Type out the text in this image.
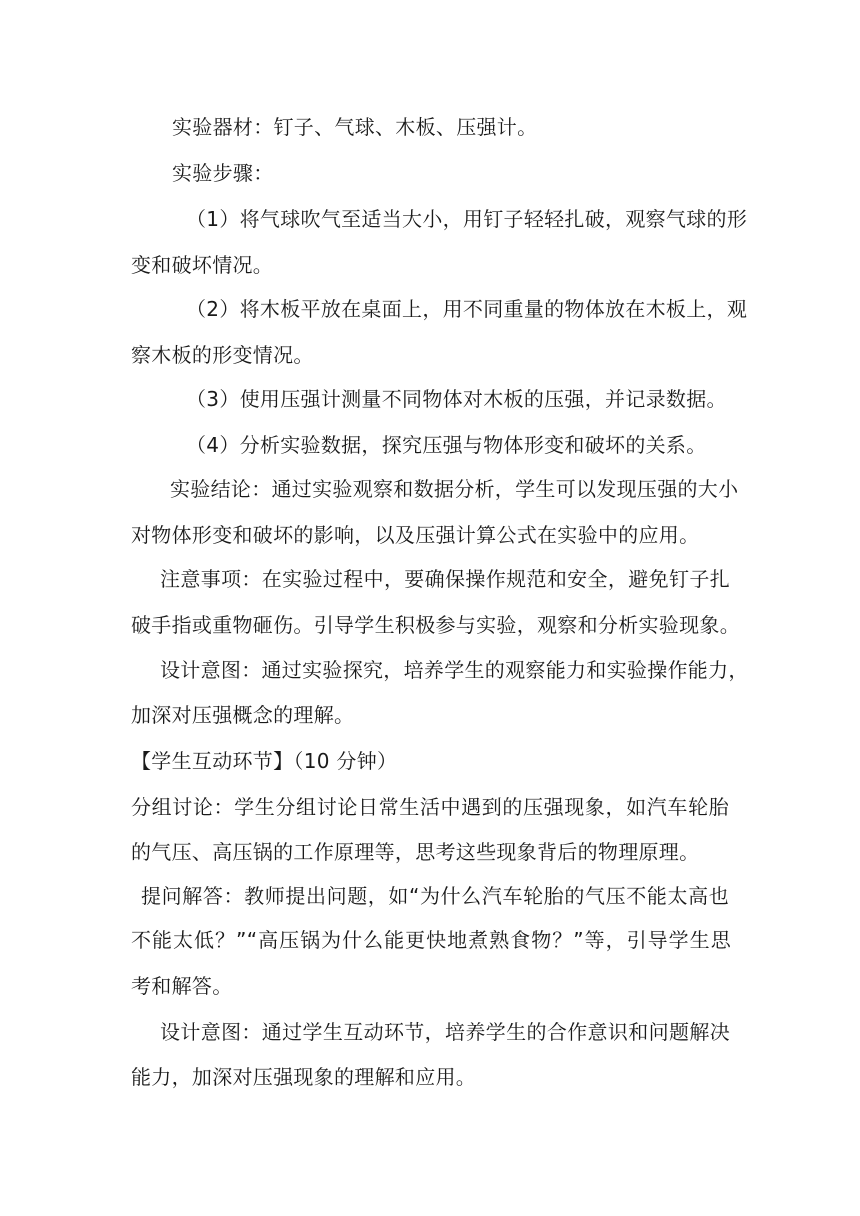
实验器材：钉子、气球、木板、压强计。
实验步骤：
（1）将气球吹气至适当大小，用钉子轻轻扎破，观察气球的形
变和破坏情况。
（2）将木板平放在桌面上，用不同重量的物体放在木板上，观
察木板的形变情况。
（3）使用压强计测量不同物体对木板的压强，并记录数据。
（4）分析实验数据，探究压强与物体形变和破坏的关系。
实验结论：通过实验观察和数据分析，学生可以发现压强的大小
对物体形变和破坏的影响，以及压强计算公式在实验中的应用。
注意事项：在实验过程中，要确保操作规范和安全，避免钉子扎
破手指或重物砸伤。引导学生积极参与实验，观察和分析实验现象。
设计意图：通过实验探究，培养学生的观察能力和实验操作能力，
加深对压强概念的理解。
【学生互动环节】（10 分钟）
分组讨论：学生分组讨论日常生活中遇到的压强现象，如汽车轮胎
的气压、高压锅的工作原理等，思考这些现象背后的物理原理。
提问解答：教师提出问题，如“为什么汽车轮胎的气压不能太高也
不能太低？”“高压锅为什么能更快地煮熟食物？”等，引导学生思
考和解答。
设计意图：通过学生互动环节，培养学生的合作意识和问题解决
能力，加深对压强现象的理解和应用。
